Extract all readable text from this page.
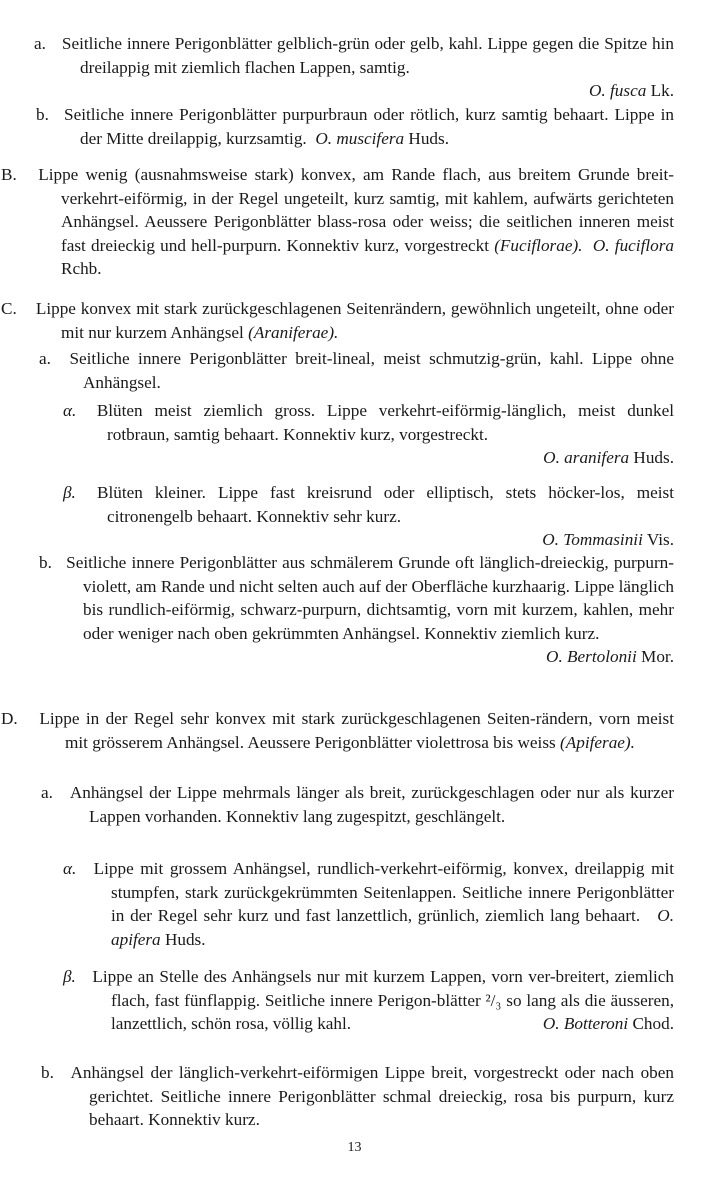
a. Seitliche innere Perigonblätter gelblich-grün oder gelb, kahl. Lippe gegen die Spitze hin dreilappig mit ziemlich flachen Lappen, samtig.
O. fusca Lk.
b. Seitliche innere Perigonblätter purpurbraun oder rötlich, kurz samtig behaart. Lippe in der Mitte dreilappig, kurzsamtig. O. muscifera Huds.
B. Lippe wenig (ausnahmsweise stark) konvex, am Rande flach, aus breitem Grunde breit-verkehrt-eiförmig, in der Regel ungeteilt, kurz samtig, mit kahlem, aufwärts gerichteten Anhängsel. Aeussere Perigonblätter blass-rosa oder weiss; die seitlichen inneren meist fast dreieckig und hell-purpurn. Konnektiv kurz, vorgestreckt (Fuciflorae). O. fuciflora Rchb.
C. Lippe konvex mit stark zurückgeschlagenen Seitenrändern, gewöhnlich ungeteilt, ohne oder mit nur kurzem Anhängsel (Araniferae).
a. Seitliche innere Perigonblätter breit-lineal, meist schmutzig-grün, kahl. Lippe ohne Anhängsel.
α. Blüten meist ziemlich gross. Lippe verkehrt-eiförmig-länglich, meist dunkel rotbraun, samtig behaart. Konnektiv kurz, vorgestreckt.
O. aranifera Huds.
β. Blüten kleiner. Lippe fast kreisrund oder elliptisch, stets höcker-los, meist citronengelb behaart. Konnektiv sehr kurz.
O. Tommasinii Vis.
b. Seitliche innere Perigonblätter aus schmälerem Grunde oft länglich-dreieckig, purpurn-violett, am Rande und nicht selten auch auf der Oberfläche kurzhaarig. Lippe länglich bis rundlich-eiförmig, schwarz-purpurn, dichtsamtig, vorn mit kurzem, kahlen, mehr oder weniger nach oben gekrümmten Anhängsel. Konnektiv ziemlich kurz.
O. Bertolonii Mor.
D. Lippe in der Regel sehr konvex mit stark zurückgeschlagenen Seiten-rändern, vorn meist mit grösserem Anhängsel. Aeussere Perigonblätter violettrosa bis weiss (Apiferae).
a. Anhängsel der Lippe mehrmals länger als breit, zurückgeschlagen oder nur als kurzer Lappen vorhanden. Konnektiv lang zugespitzt, geschlängelt.
α. Lippe mit grossem Anhängsel, rundlich-verkehrt-eiförmig, konvex, dreilappig mit stumpfen, stark zurückgekrümmten Seitenlappen. Seitliche innere Perigonblätter in der Regel sehr kurz und fast lanzettlich, grünlich, ziemlich lang behaart. O. apifera Huds.
β. Lippe an Stelle des Anhängsels nur mit kurzem Lappen, vorn ver-breitert, ziemlich flach, fast fünflappig. Seitliche innere Perigon-blätter ²/₃ so lang als die äusseren, lanzettlich, schön rosa, völlig kahl.	O. Botteroni Chod.
b. Anhängsel der länglich-verkehrt-eiförmigen Lippe breit, vorgestreckt oder nach oben gerichtet. Seitliche innere Perigonblätter schmal dreieckig, rosa bis purpurn, kurz behaart. Konnektiv kurz.
13
